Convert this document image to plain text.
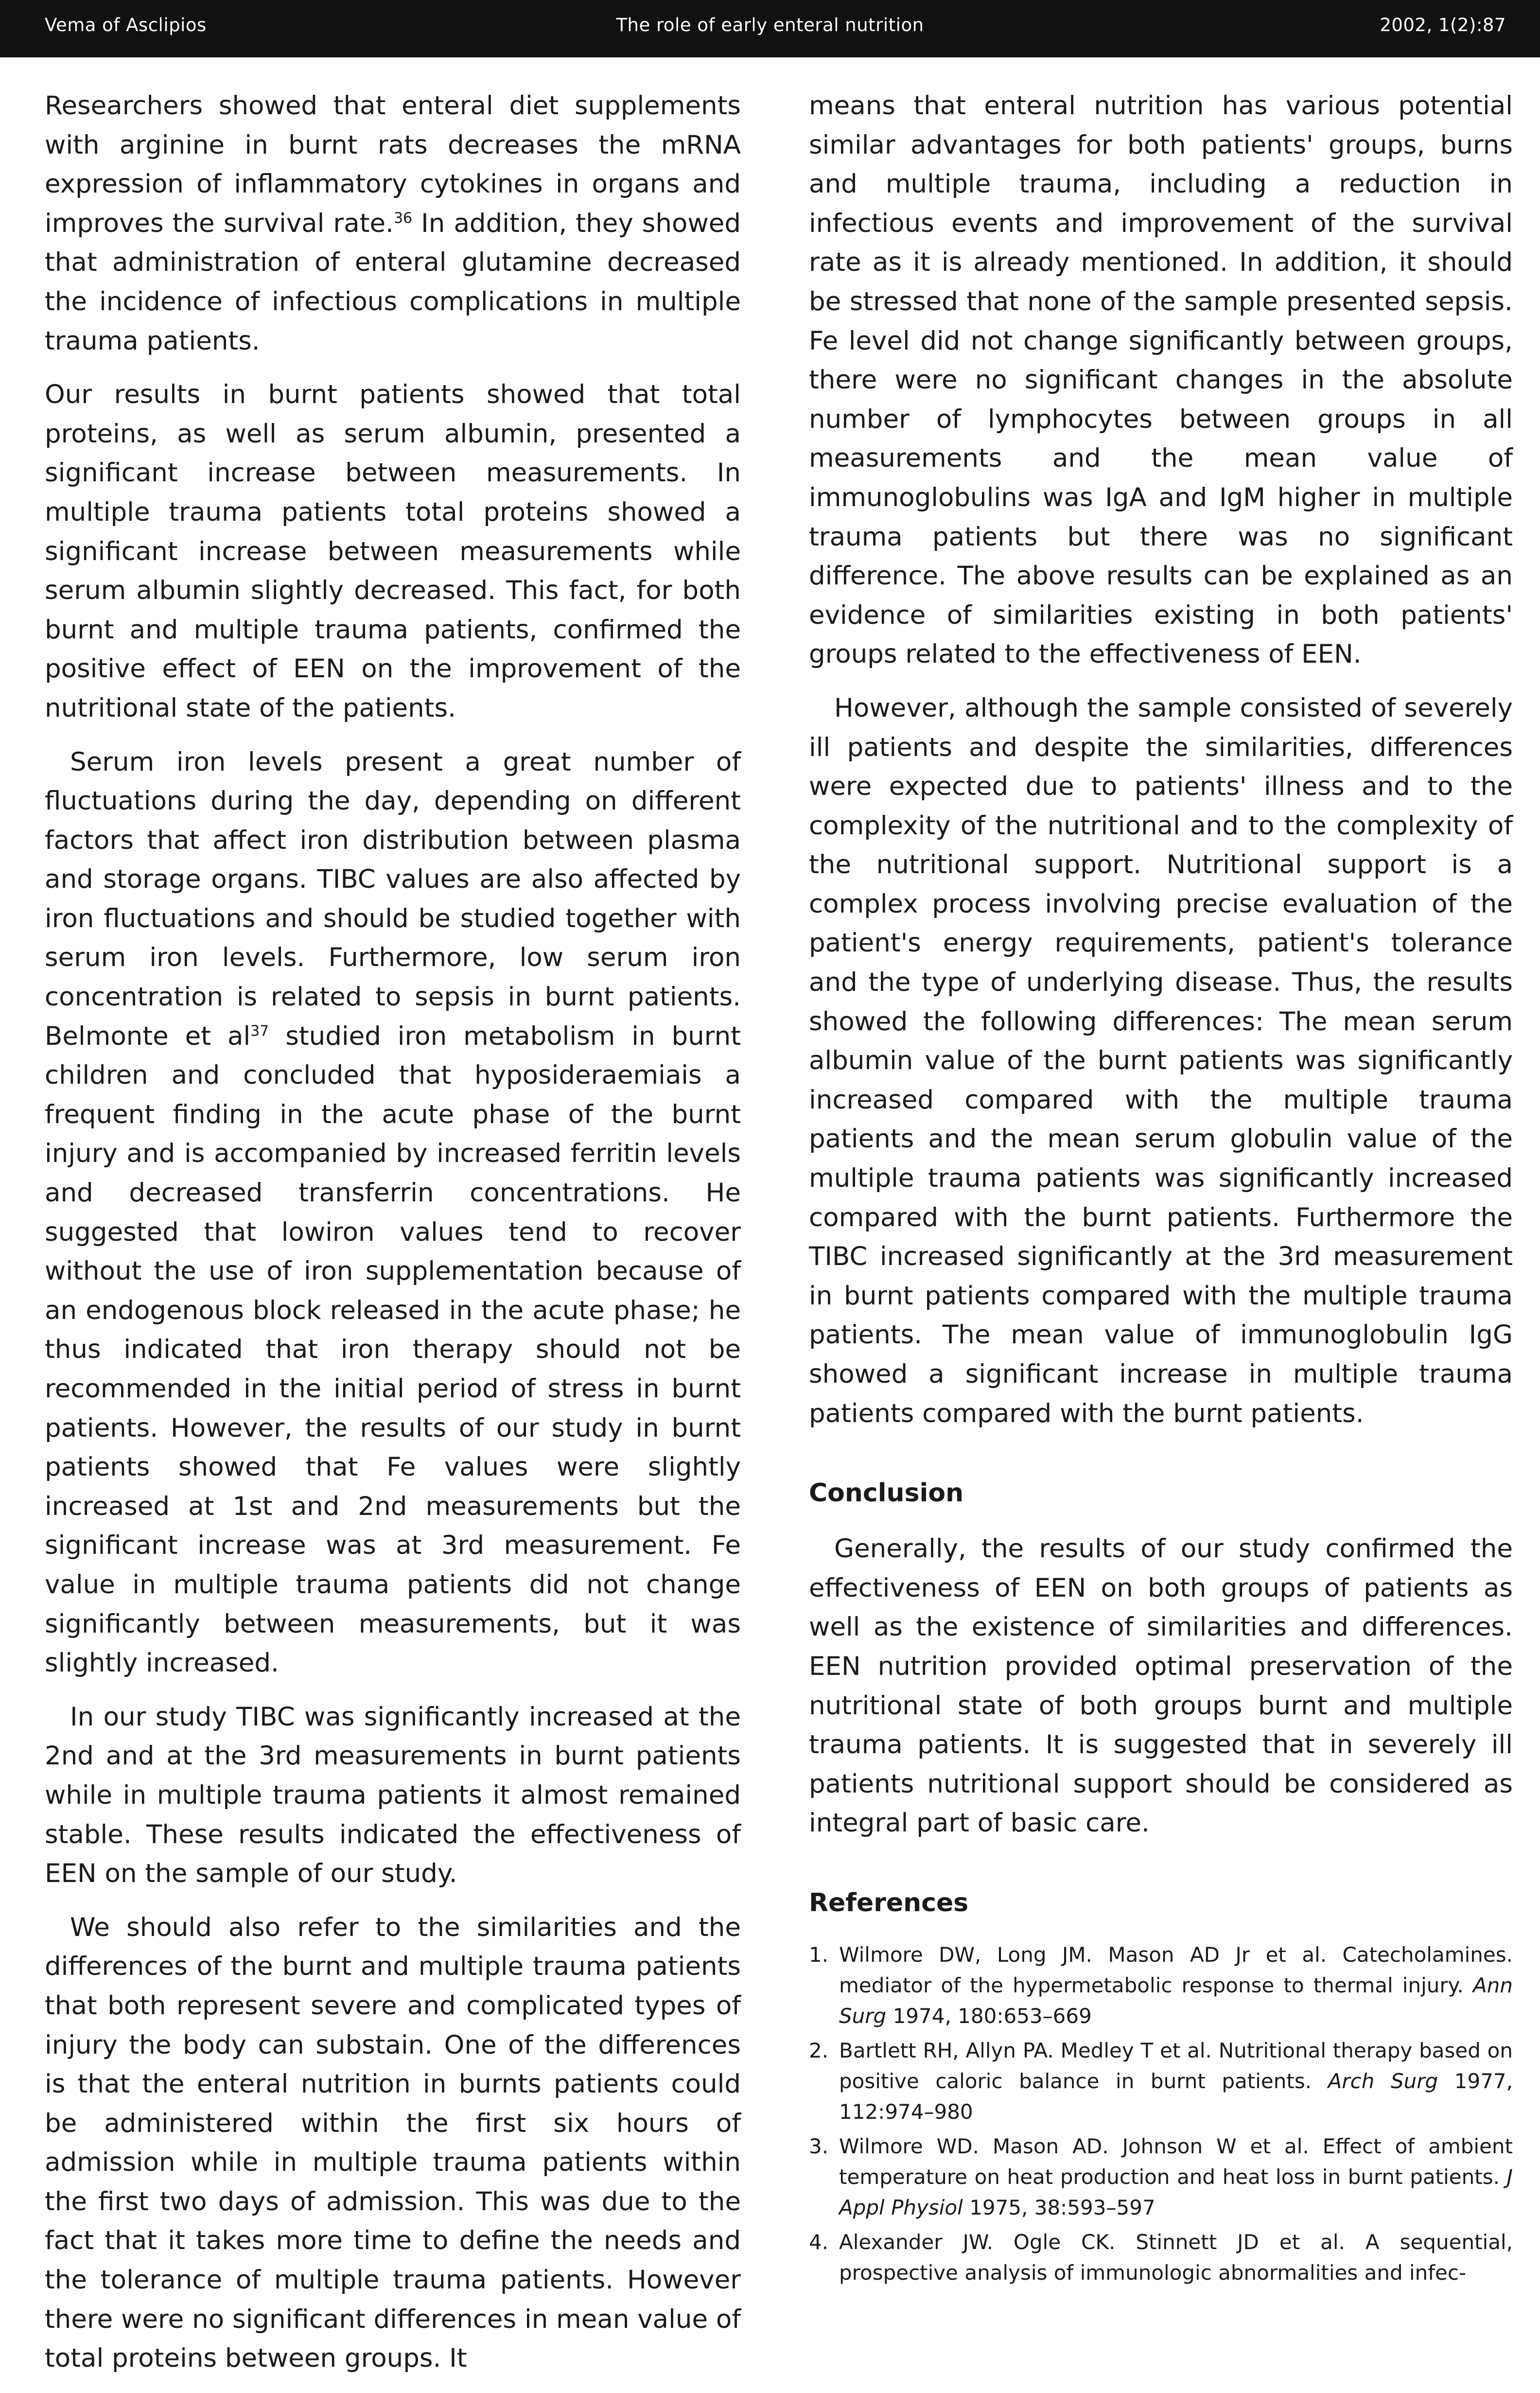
Vema of Asclipios	The role of early enteral nutrition	2002, 1(2):87

Researchers showed that enteral diet supplements with arginine in burnt rats decreases the mRNA expression of inflammatory cytokines in organs and improves the survival rate.$^{36}$ In addition, they showed that administration of enteral glutamine decreased the incidence of infectious complications in multiple trauma patients.

Our results in burnt patients showed that total proteins, as well as serum albumin, presented a significant increase between measurements. In multiple trauma patients total proteins showed a significant increase between measurements while serum albumin slightly decreased. This fact, for both burnt and multiple trauma patients, confirmed the positive effect of EEN on the improvement of the nutritional state of the patients.

Serum iron levels present a great number of fluctuations during the day, depending on different factors that affect iron distribution between plasma and storage organs. TIBC values are also affected by iron fluctuations and should be studied together with serum iron levels. Furthermore, low serum iron concentration is related to sepsis in burnt patients. Belmonte et $al^{37}$ studied iron metabolism in burnt children and concluded that hyposideraemiais a frequent finding in the acute phase of the burnt injury and is accompanied by increased ferritin levels and decreased transferrin concentrations. He suggested that lowiron values tend to recover without the use of iron supplementation because of an endogenous block released in the acute phase; he thus indicated that iron therapy should not be recommended in the initial period of stress in burnt patients. However, the results of our study in burnt patients showed that Fe values were slightly increased at 1st and 2nd measurements but the significant increase was at 3rd measurement. Fe value in multiple trauma patients did not change significantly between measurements, but it was slightly increased.

In our study TIBC was significantly increased at the 2nd and at the 3rd measurements in burnt patients while in multiple trauma patients it almost remained stable. These results indicated the effectiveness of EEN on the sample of our study.

We should also refer to the similarities and the differences of the burnt and multiple trauma patients that both represent severe and complicated types of injury the body can substain. One of the differences is that the enteral nutrition in burnts patients could be administered within the first six hours of admission while in multiple trauma patients within the first two days of admission. This was due to the fact that it takes more time to define the needs and the tolerance of multiple trauma patients. However there were no significant differences in mean value of total proteins between groups. It

means that enteral nutrition has various potential similar advantages for both patients' groups, burns and multiple trauma, including a reduction in infectious events and improvement of the survival rate as it is already mentioned. In addition, it should be stressed that none of the sample presented sepsis. Fe level did not change significantly between groups, there were no significant changes in the absolute number of lymphocytes between groups in all measurements and the mean value of immunoglobulins was IgA and IgM higher in multiple trauma patients but there was no significant difference. The above results can be explained as an evidence of similarities existing in both patients' groups related to the effectiveness of EEN.

However, although the sample consisted of severely ill patients and despite the similarities, differences were expected due to patients' illness and to the complexity of the nutritional and to the complexity of the nutritional support. Nutritional support is a complex process involving precise evaluation of the patient's energy requirements, patient's tolerance and the type of underlying disease. Thus, the results showed the following differences: The mean serum albumin value of the burnt patients was significantly increased compared with the multiple trauma patients and the mean serum globulin value of the multiple trauma patients was significantly increased compared with the burnt patients. Furthermore the TIBC increased significantly at the 3rd measurement in burnt patients compared with the multiple trauma patients. The mean value of immunoglobulin IgG showed a significant increase in multiple trauma patients compared with the burnt patients.

Conclusion

Generally, the results of our study confirmed the effectiveness of EEN on both groups of patients as well as the existence of similarities and differences. EEN nutrition provided optimal preservation of the nutritional state of both groups burnt and multiple trauma patients. It is suggested that in severely ill patients nutritional support should be considered as integral part of basic care.

References
1. Wilmore DW, Long JM. Mason AD Jr et al. Catecholamines. mediator of the hypermetabolic response to thermal injury. Ann Surg 1974, 180:653–669
2. Bartlett RH, Allyn PA. Medley T et al. Nutritional therapy based on positive caloric balance in burnt patients. Arch Surg 1977, 112:974–980
3. Wilmore WD. Mason AD. Johnson W et al. Effect of ambient temperature on heat production and heat loss in burnt patients. J Appl Physiol 1975, 38:593–597
4. Alexander JW. Ogle CK. Stinnett JD et al. A sequential, prospective analysis of immunologic abnormalities and infec-
